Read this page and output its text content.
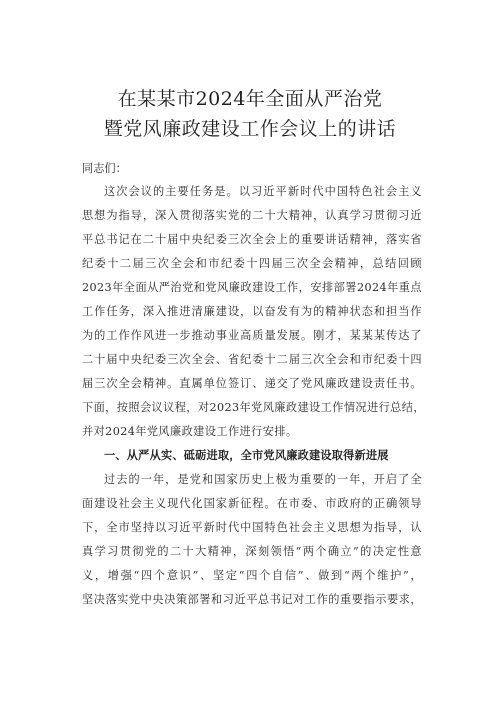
在某某市2024年全面从严治党
暨党风廉政建设工作会议上的讲话
同志们：
这次会议的主要任务是。以习近平新时代中国特色社会主义
思想为指导，深入贯彻落实党的二十大精神，认真学习贯彻习近
平总书记在二十届中央纪委三次全会上的重要讲话精神，落实省
纪委十二届三次全会和市纪委十四届三次全会精神，总结回顾
2023年全面从严治党和党风廉政建设工作，安排部署2024年重点
工作任务，深入推进清廉建设，以奋发有为的精神状态和担当作
为的工作作风进一步推动事业高质量发展。刚才，某某某传达了
二十届中央纪委三次全会、省纪委十二届三次全会和市纪委十四
届三次全会精神。直属单位签订、递交了党风廉政建设责任书。
下面，按照会议议程，对2023年党风廉政建设工作情况进行总结，
并对2024年党风廉政建设工作进行安排。
一、从严从实、砥砺进取，全市党风廉政建设取得新进展
过去的一年，是党和国家历史上极为重要的一年，开启了全
面建设社会主义现代化国家新征程。在市委、市政府的正确领导
下，全市坚持以习近平新时代中国特色社会主义思想为指导，认
真学习贯彻党的二十大精神，深刻领悟“两个确立”的决定性意
义，增强“四个意识”、坚定“四个自信”、做到“两个维护”，
坚决落实党中央决策部署和习近平总书记对工作的重要指示要求，
